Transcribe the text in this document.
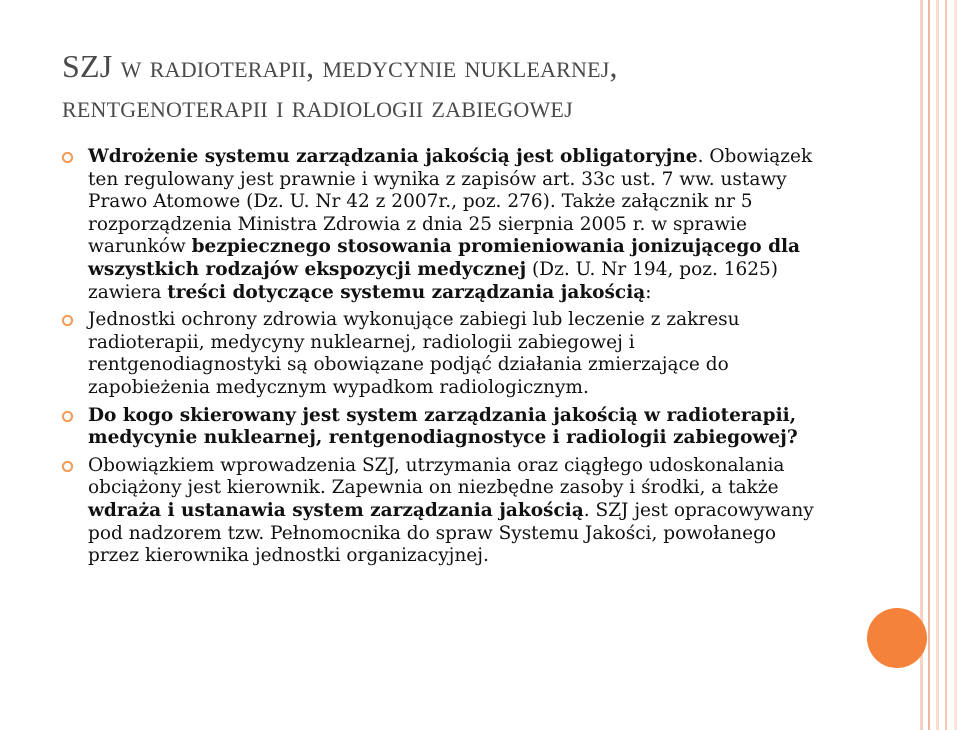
SZJ w radioterapii, medycynie nuklearnej,
rentgenoterapii i radiologii zabiegowej
Wdrożenie systemu zarządzania jakością jest obligatoryjne. Obowiązek ten regulowany jest prawnie i wynika z zapisów art. 33c ust. 7 ww. ustawy Prawo Atomowe (Dz. U. Nr 42 z 2007r., poz. 276). Także załącznik nr 5 rozporządzenia Ministra Zdrowia z dnia 25 sierpnia 2005 r. w sprawie warunków bezpiecznego stosowania promieniowania jonizującego dla wszystkich rodzajów ekspozycji medycznej (Dz. U. Nr 194, poz. 1625) zawiera treści dotyczące systemu zarządzania jakością:
Jednostki ochrony zdrowia wykonujące zabiegi lub leczenie z zakresu radioterapii, medycyny nuklearnej, radiologii zabiegowej i rentgenodiagnostyki są obowiązane podjąć działania zmierzające do zapobieżenia medycznym wypadkom radiologicznym.
Do kogo skierowany jest system zarządzania jakością w radioterapii, medycynie nuklearnej, rentgenodiagnostyce i radiologii zabiegowej?
Obowiązkiem wprowadzenia SZJ, utrzymania oraz ciągłego udoskonalania obciążony jest kierownik. Zapewnia on niezbędne zasoby i środki, a także wdraża i ustanawia system zarządzania jakością. SZJ jest opracowywany pod nadzorem tzw. Pełnomocnika do spraw Systemu Jakości, powołanego przez kierownika jednostki organizacyjnej.
